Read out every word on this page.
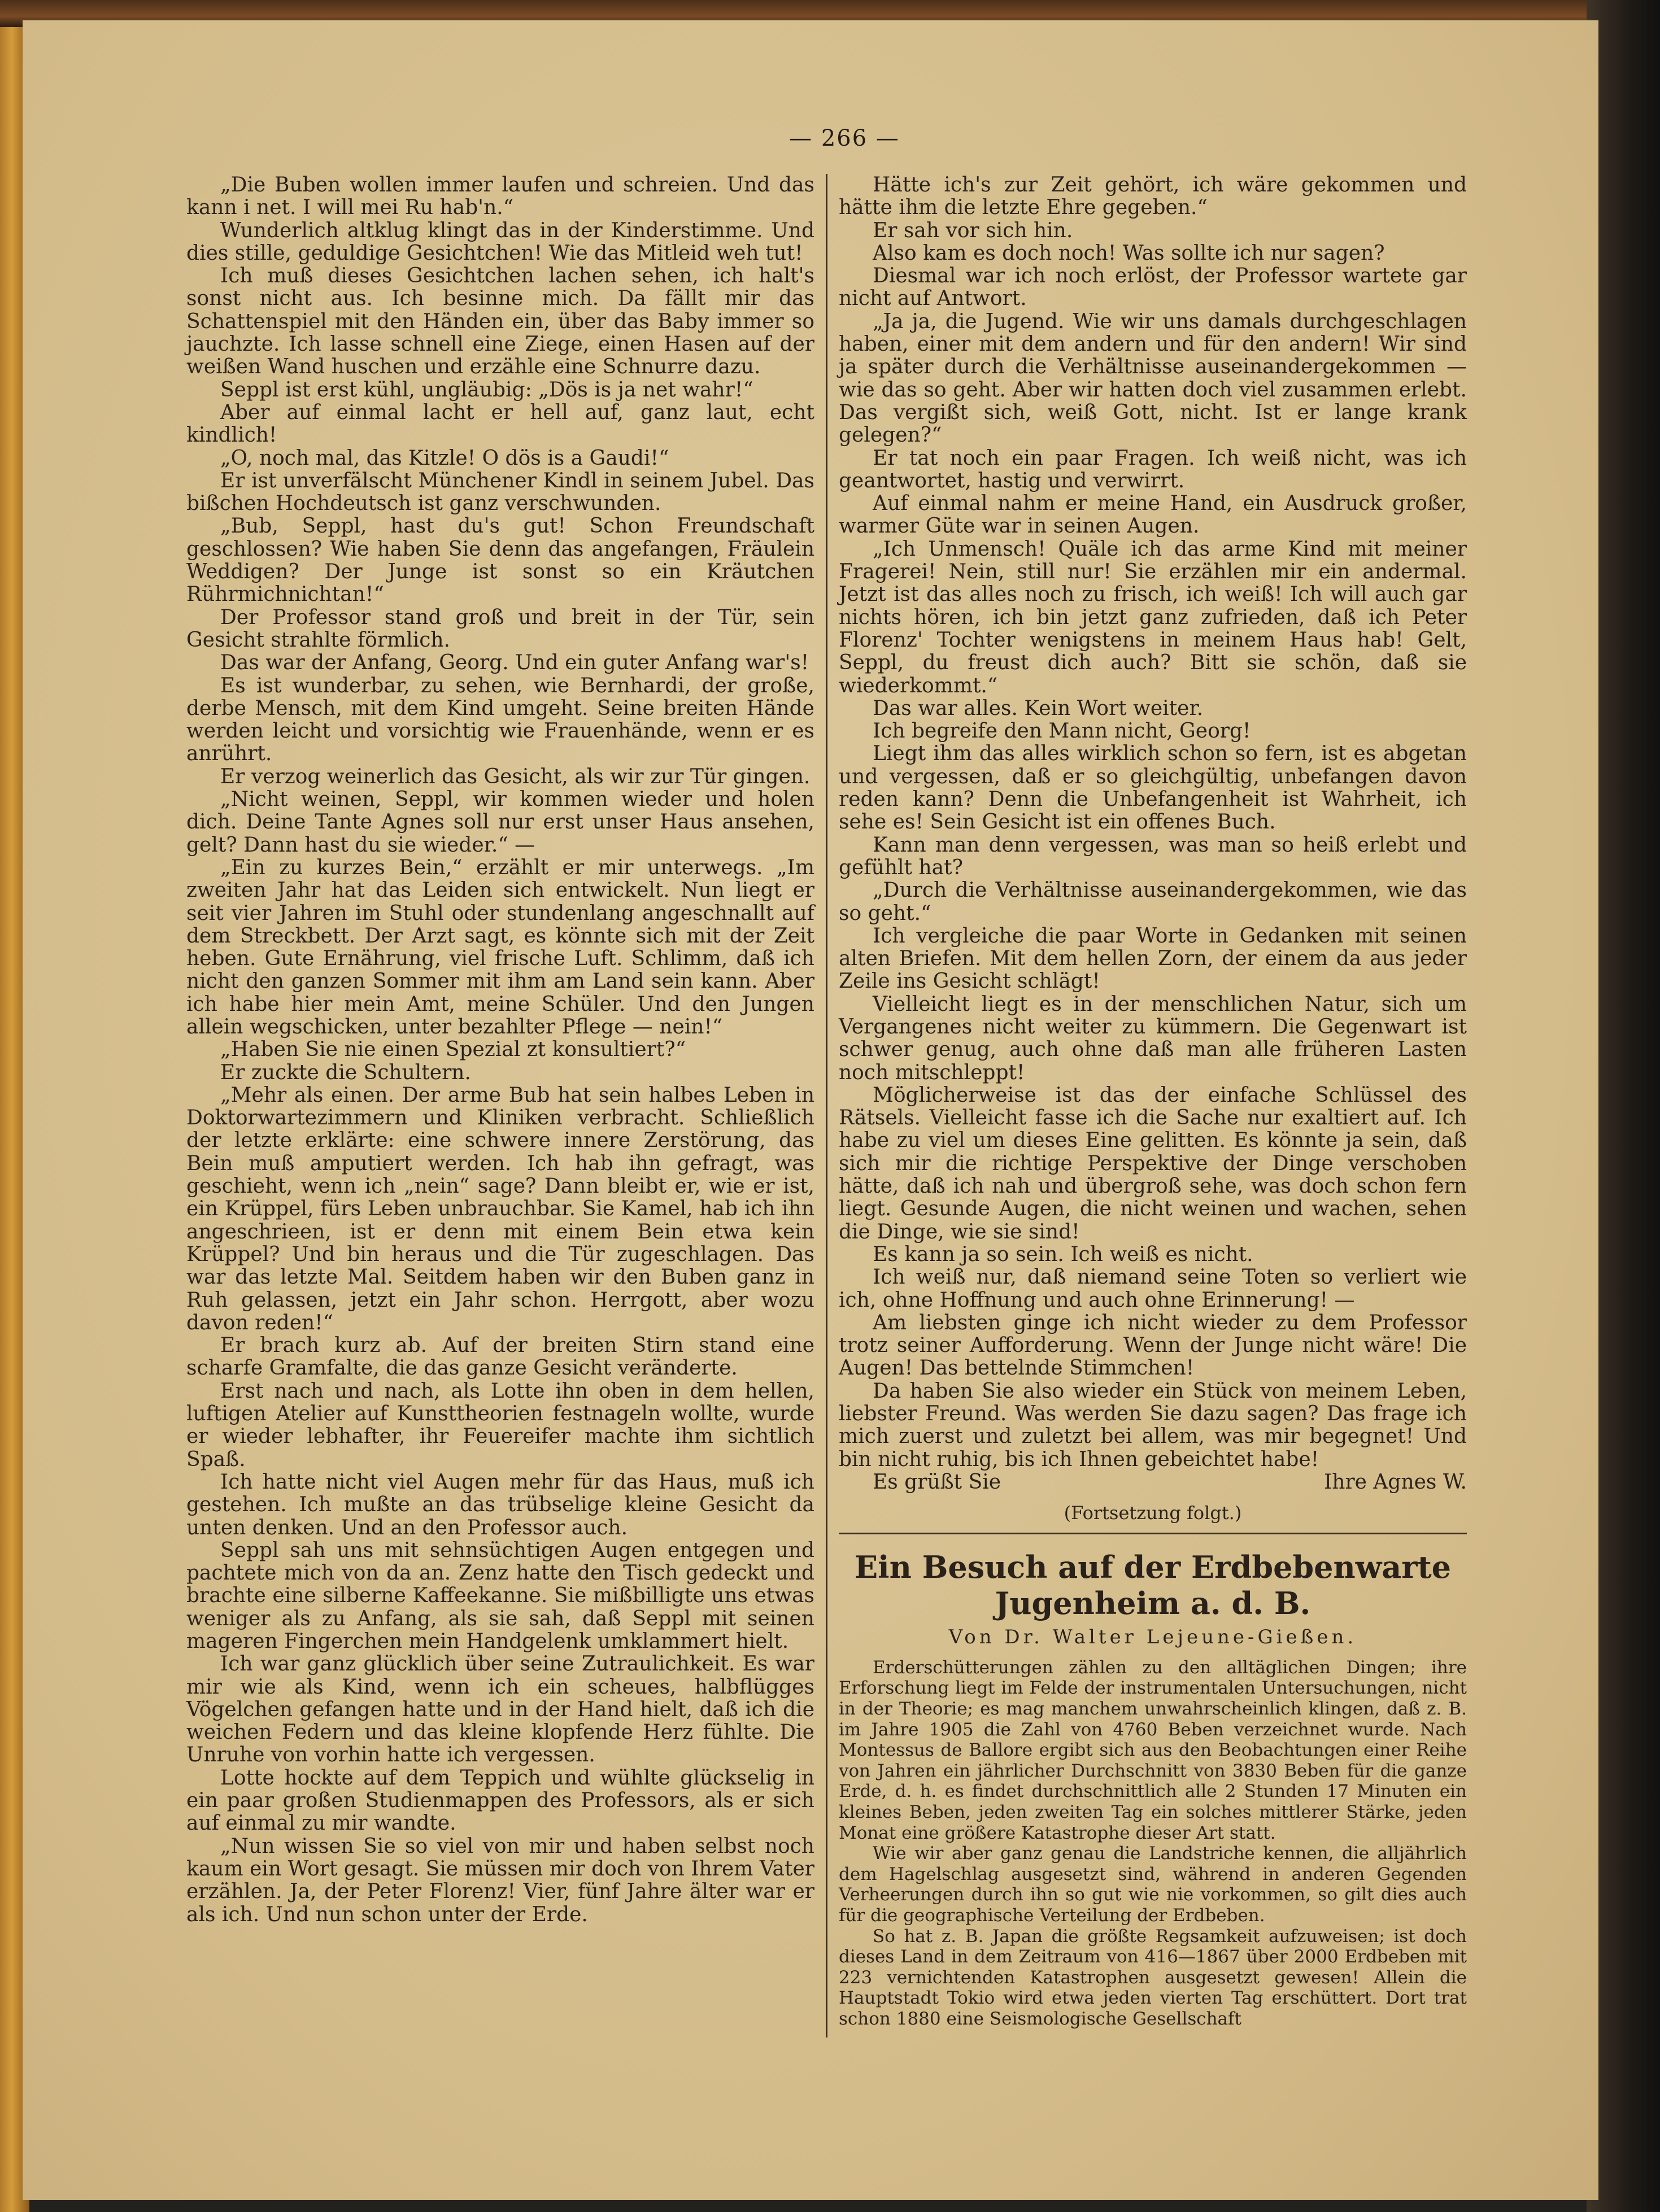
— 266 —

„Die Buben wollen immer laufen und schreien. Und das kann i net. I will mei Ru hab'n.“

Wunderlich altklug klingt das in der Kinderstimme. Und dies stille, geduldige Gesichtchen! Wie das Mitleid weh tut!

Ich muß dieses Gesichtchen lachen sehen, ich halt's sonst nicht aus. Ich besinne mich. Da fällt mir das Schattenspiel mit den Händen ein, über das Baby immer so jauchzte. Ich lasse schnell eine Ziege, einen Hasen auf der weißen Wand huschen und erzähle eine Schnurre dazu.

Seppl ist erst kühl, ungläubig: „Dös is ja net wahr!“

Aber auf einmal lacht er hell auf, ganz laut, echt kindlich!

„O, noch mal, das Kitzle! O dös is a Gaudi!“

Er ist unverfälscht Münchener Kindl in seinem Jubel. Das bißchen Hochdeutsch ist ganz verschwunden.

„Bub, Seppl, hast du's gut! Schon Freundschaft geschlossen? Wie haben Sie denn das angefangen, Fräulein Weddigen? Der Junge ist sonst so ein Kräutchen Rührmichnichtan!“

Der Professor stand groß und breit in der Tür, sein Gesicht strahlte förmlich.

Das war der Anfang, Georg. Und ein guter Anfang war's!

Es ist wunderbar, zu sehen, wie Bernhardi, der große, derbe Mensch, mit dem Kind umgeht. Seine breiten Hände werden leicht und vorsichtig wie Frauenhände, wenn er es anrührt.

Er verzog weinerlich das Gesicht, als wir zur Tür gingen.

„Nicht weinen, Seppl, wir kommen wieder und holen dich. Deine Tante Agnes soll nur erst unser Haus ansehen, gelt? Dann hast du sie wieder.“ —

„Ein zu kurzes Bein,“ erzählt er mir unterwegs. „Im zweiten Jahr hat das Leiden sich entwickelt. Nun liegt er seit vier Jahren im Stuhl oder stundenlang angeschnallt auf dem Streckbett. Der Arzt sagt, es könnte sich mit der Zeit heben. Gute Ernährung, viel frische Luft. Schlimm, daß ich nicht den ganzen Sommer mit ihm am Land sein kann. Aber ich habe hier mein Amt, meine Schüler. Und den Jungen allein wegschicken, unter bezahlter Pflege — nein!“

„Haben Sie nie einen Spezial zt konsultiert?“

Er zuckte die Schultern.

„Mehr als einen. Der arme Bub hat sein halbes Leben in Doktorwartezimmern und Kliniken verbracht. Schließlich der letzte erklärte: eine schwere innere Zerstörung, das Bein muß amputiert werden. Ich hab ihn gefragt, was geschieht, wenn ich „nein“ sage? Dann bleibt er, wie er ist, ein Krüppel, fürs Leben unbrauchbar. Sie Kamel, hab ich ihn angeschrieen, ist er denn mit einem Bein etwa kein Krüppel? Und bin heraus und die Tür zugeschlagen. Das war das letzte Mal. Seitdem haben wir den Buben ganz in Ruh gelassen, jetzt ein Jahr schon. Herrgott, aber wozu davon reden!“

Er brach kurz ab. Auf der breiten Stirn stand eine scharfe Gramfalte, die das ganze Gesicht veränderte.

Erst nach und nach, als Lotte ihn oben in dem hellen, luftigen Atelier auf Kunsttheorien festnageln wollte, wurde er wieder lebhafter, ihr Feuereifer machte ihm sichtlich Spaß.

Ich hatte nicht viel Augen mehr für das Haus, muß ich gestehen. Ich mußte an das trübselige kleine Gesicht da unten denken. Und an den Professor auch.

Seppl sah uns mit sehnsüchtigen Augen entgegen und pachtete mich von da an. Zenz hatte den Tisch gedeckt und brachte eine silberne Kaffeekanne. Sie mißbilligte uns etwas weniger als zu Anfang, als sie sah, daß Seppl mit seinen mageren Fingerchen mein Handgelenk umklammert hielt.

Ich war ganz glücklich über seine Zutraulichkeit. Es war mir wie als Kind, wenn ich ein scheues, halbflügges Vögelchen gefangen hatte und in der Hand hielt, daß ich die weichen Federn und das kleine klopfende Herz fühlte. Die Unruhe von vorhin hatte ich vergessen.

Lotte hockte auf dem Teppich und wühlte glückselig in ein paar großen Studienmappen des Professors, als er sich auf einmal zu mir wandte.

„Nun wissen Sie so viel von mir und haben selbst noch kaum ein Wort gesagt. Sie müssen mir doch von Ihrem Vater erzählen. Ja, der Peter Florenz! Vier, fünf Jahre älter war er als ich. Und nun schon unter der Erde.

Hätte ich's zur Zeit gehört, ich wäre gekommen und hätte ihm die letzte Ehre gegeben.“

Er sah vor sich hin.

Also kam es doch noch! Was sollte ich nur sagen?

Diesmal war ich noch erlöst, der Professor wartete gar nicht auf Antwort.

„Ja ja, die Jugend. Wie wir uns damals durchgeschlagen haben, einer mit dem andern und für den andern! Wir sind ja später durch die Verhältnisse auseinandergekommen — wie das so geht. Aber wir hatten doch viel zusammen erlebt. Das vergißt sich, weiß Gott, nicht. Ist er lange krank gelegen?“

Er tat noch ein paar Fragen. Ich weiß nicht, was ich geantwortet, hastig und verwirrt.

Auf einmal nahm er meine Hand, ein Ausdruck großer, warmer Güte war in seinen Augen.

„Ich Unmensch! Quäle ich das arme Kind mit meiner Fragerei! Nein, still nur! Sie erzählen mir ein andermal. Jetzt ist das alles noch zu frisch, ich weiß! Ich will auch gar nichts hören, ich bin jetzt ganz zufrieden, daß ich Peter Florenz' Tochter wenigstens in meinem Haus hab! Gelt, Seppl, du freust dich auch? Bitt sie schön, daß sie wiederkommt.“

Das war alles. Kein Wort weiter.

Ich begreife den Mann nicht, Georg!

Liegt ihm das alles wirklich schon so fern, ist es abgetan und vergessen, daß er so gleichgültig, unbefangen davon reden kann? Denn die Unbefangenheit ist Wahrheit, ich sehe es! Sein Gesicht ist ein offenes Buch.

Kann man denn vergessen, was man so heiß erlebt und gefühlt hat?

„Durch die Verhältnisse auseinandergekommen, wie das so geht.“

Ich vergleiche die paar Worte in Gedanken mit seinen alten Briefen. Mit dem hellen Zorn, der einem da aus jeder Zeile ins Gesicht schlägt!

Vielleicht liegt es in der menschlichen Natur, sich um Vergangenes nicht weiter zu kümmern. Die Gegenwart ist schwer genug, auch ohne daß man alle früheren Lasten noch mitschleppt!

Möglicherweise ist das der einfache Schlüssel des Rätsels. Vielleicht fasse ich die Sache nur exaltiert auf. Ich habe zu viel um dieses Eine gelitten. Es könnte ja sein, daß sich mir die richtige Perspektive der Dinge verschoben hätte, daß ich nah und übergroß sehe, was doch schon fern liegt. Gesunde Augen, die nicht weinen und wachen, sehen die Dinge, wie sie sind!

Es kann ja so sein. Ich weiß es nicht.

Ich weiß nur, daß niemand seine Toten so verliert wie ich, ohne Hoffnung und auch ohne Erinnerung! —

Am liebsten ginge ich nicht wieder zu dem Professor trotz seiner Aufforderung. Wenn der Junge nicht wäre! Die Augen! Das bettelnde Stimmchen!

Da haben Sie also wieder ein Stück von meinem Leben, liebster Freund. Was werden Sie dazu sagen? Das frage ich mich zuerst und zuletzt bei allem, was mir begegnet! Und bin nicht ruhig, bis ich Ihnen gebeichtet habe!

Es grüßt Sie	Ihre Agnes W.
(Fortsetzung folgt.)
Ein Besuch auf der Erdbebenwarte Jugenheim a. d. B.
Von Dr. Walter Lejeune-Gießen.

Erderschütterungen zählen zu den alltäglichen Dingen; ihre Erforschung liegt im Felde der instrumentalen Untersuchungen, nicht in der Theorie; es mag manchem unwahrscheinlich klingen, daß z. B. im Jahre 1905 die Zahl von 4760 Beben verzeichnet wurde. Nach Montessus de Ballore ergibt sich aus den Beobachtungen einer Reihe von Jahren ein jährlicher Durchschnitt von 3830 Beben für die ganze Erde, d. h. es findet durchschnittlich alle 2 Stunden 17 Minuten ein kleines Beben, jeden zweiten Tag ein solches mittlerer Stärke, jeden Monat eine größere Katastrophe dieser Art statt.

Wie wir aber ganz genau die Landstriche kennen, die alljährlich dem Hagelschlag ausgesetzt sind, während in anderen Gegenden Verheerungen durch ihn so gut wie nie vorkommen, so gilt dies auch für die geographische Verteilung der Erdbeben.

So hat z. B. Japan die größte Regsamkeit aufzuweisen; ist doch dieses Land in dem Zeitraum von 416—1867 über 2000 Erdbeben mit 223 vernichtenden Katastrophen ausgesetzt gewesen! Allein die Hauptstadt Tokio wird etwa jeden vierten Tag erschüttert. Dort trat schon 1880 eine Seismologische Gesellschaft
